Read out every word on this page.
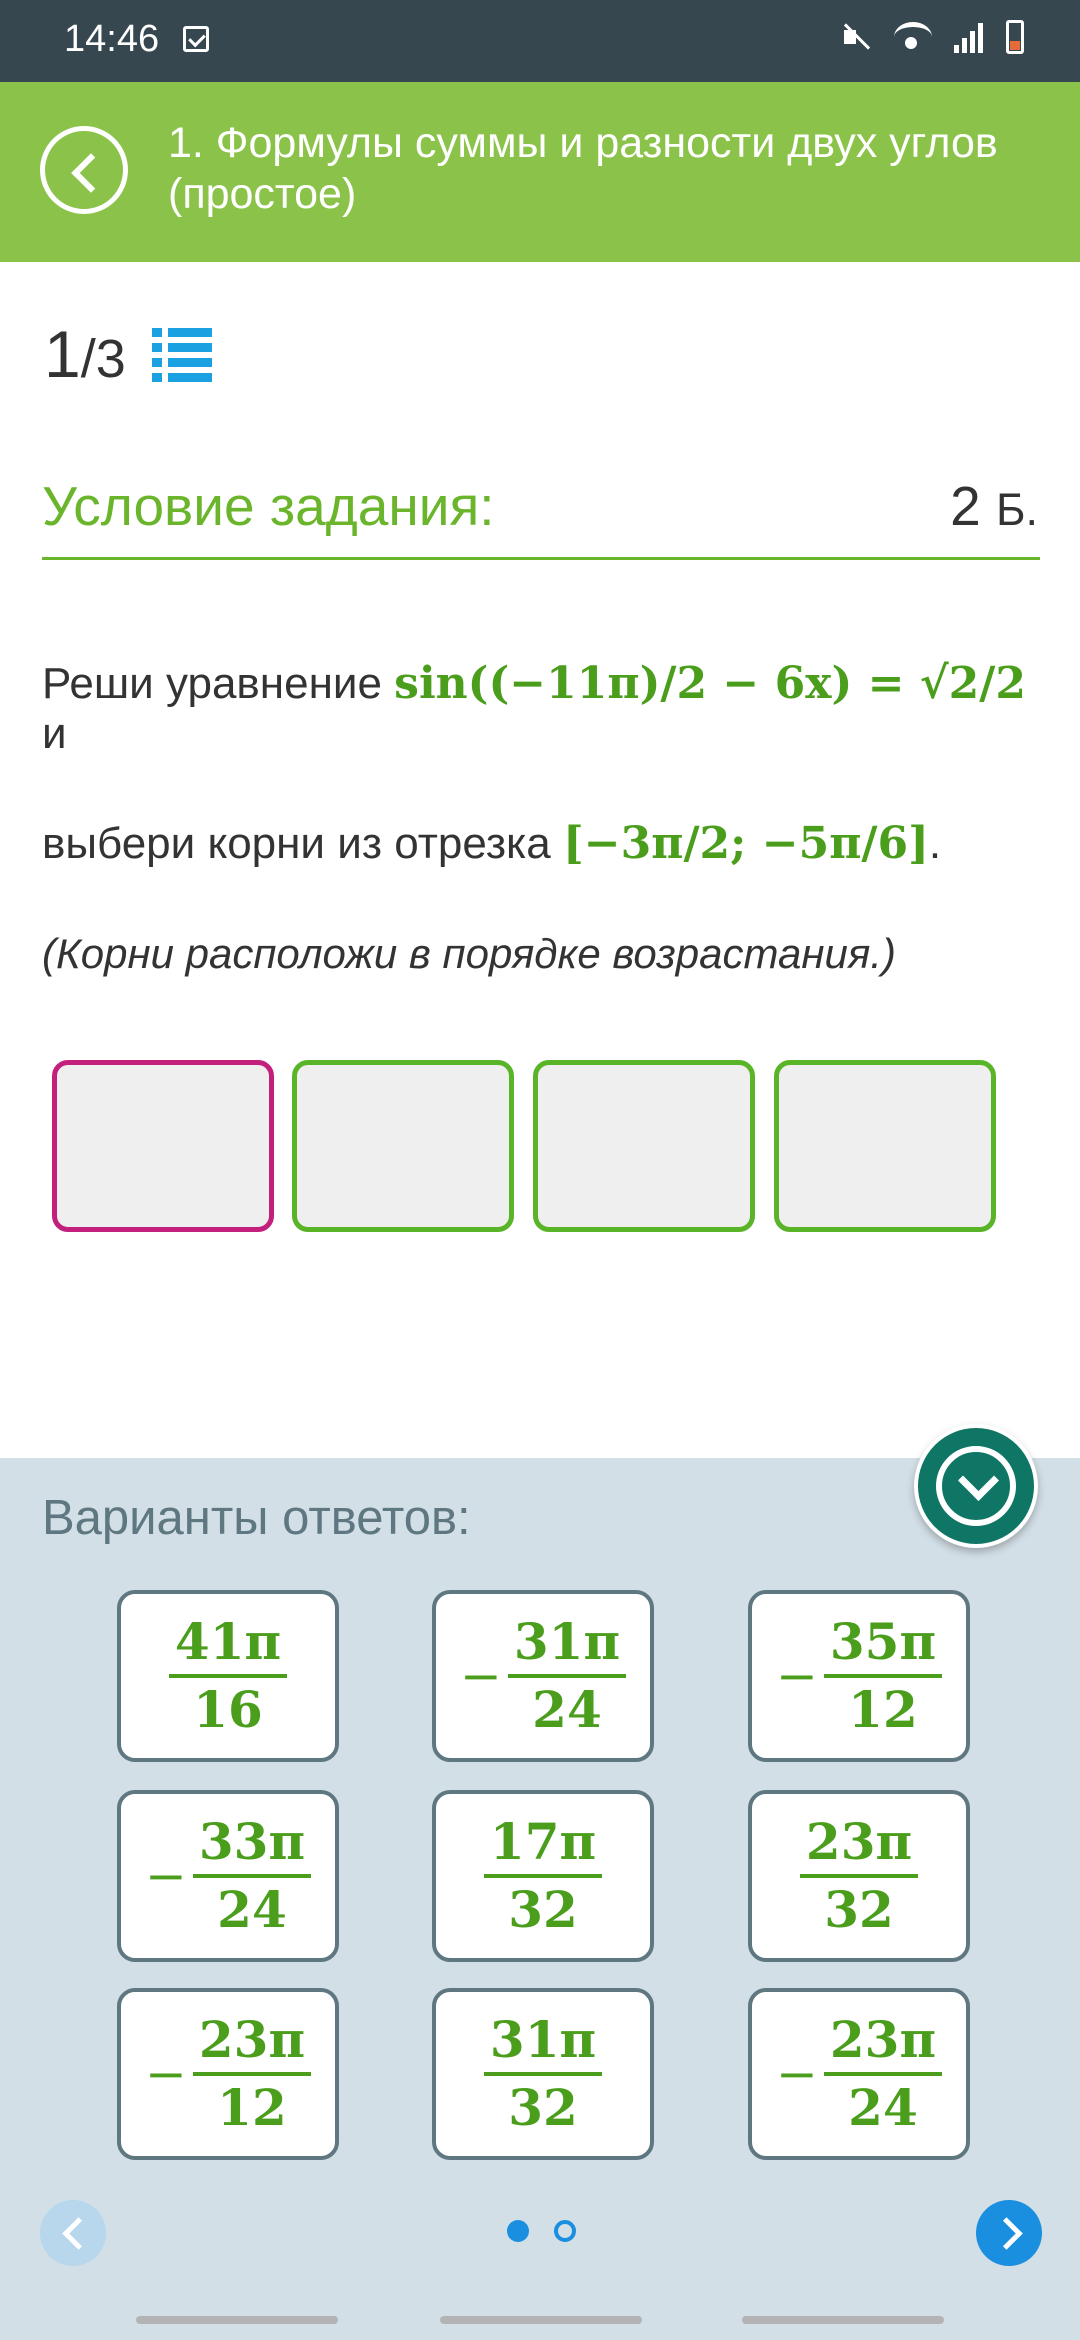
14:46
1. Формулы суммы и разности двух углов (простое)
1/3
Условие задания:	2 Б.
Реши уравнение sin((−11π)/2 − 6x) = √2/2 и
выбери корни из отрезка [−3π/2; −5π/6].
(Корни расположи в порядке возрастания.)
Варианты ответов:
$\frac{41\pi}{16}$	− $\frac{31\pi}{24}$	− $\frac{35\pi}{12}$
− $\frac{33\pi}{24}$	$\frac{17\pi}{32}$	$\frac{23\pi}{32}$
− $\frac{23\pi}{12}$	$\frac{31\pi}{32}$	− $\frac{23\pi}{24}$
